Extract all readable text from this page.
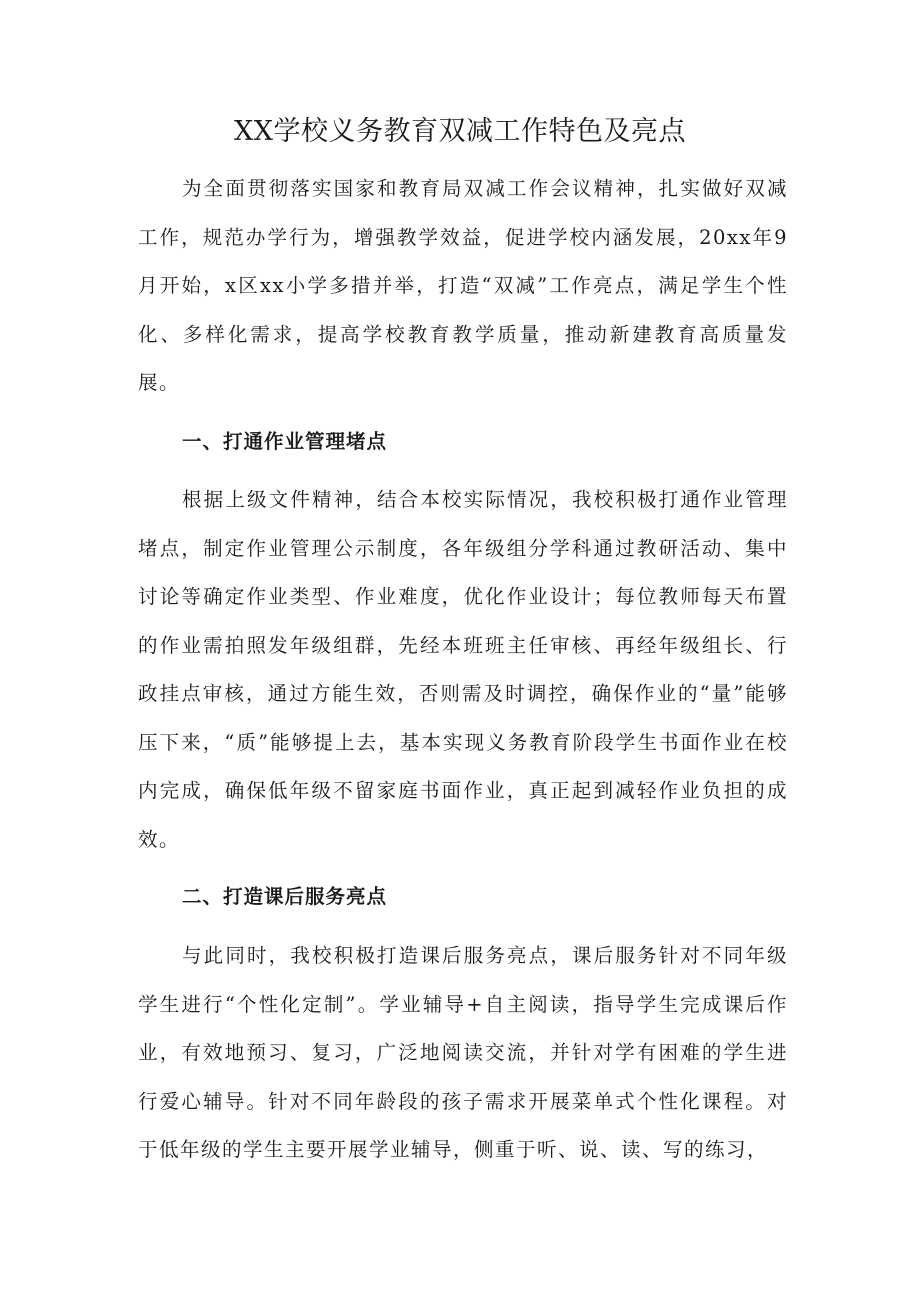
XX学校义务教育双减工作特色及亮点

为全面贯彻落实国家和教育局双减工作会议精神，扎实做好双减工作，规范办学行为，增强教学效益，促进学校内涵发展，20xx年9月开始，x区xx小学多措并举，打造“双减”工作亮点，满足学生个性化、多样化需求，提高学校教育教学质量，推动新建教育高质量发展。

一、打通作业管理堵点

根据上级文件精神，结合本校实际情况，我校积极打通作业管理堵点，制定作业管理公示制度，各年级组分学科通过教研活动、集中讨论等确定作业类型、作业难度，优化作业设计；每位教师每天布置的作业需拍照发年级组群，先经本班班主任审核、再经年级组长、行政挂点审核，通过方能生效，否则需及时调控，确保作业的“量”能够压下来，“质”能够提上去，基本实现义务教育阶段学生书面作业在校内完成，确保低年级不留家庭书面作业，真正起到减轻作业负担的成效。

二、打造课后服务亮点

与此同时，我校积极打造课后服务亮点，课后服务针对不同年级学生进行“个性化定制”。学业辅导+自主阅读，指导学生完成课后作业，有效地预习、复习，广泛地阅读交流，并针对学有困难的学生进行爱心辅导。针对不同年龄段的孩子需求开展菜单式个性化课程。对于低年级的学生主要开展学业辅导，侧重于听、说、读、写的练习，
